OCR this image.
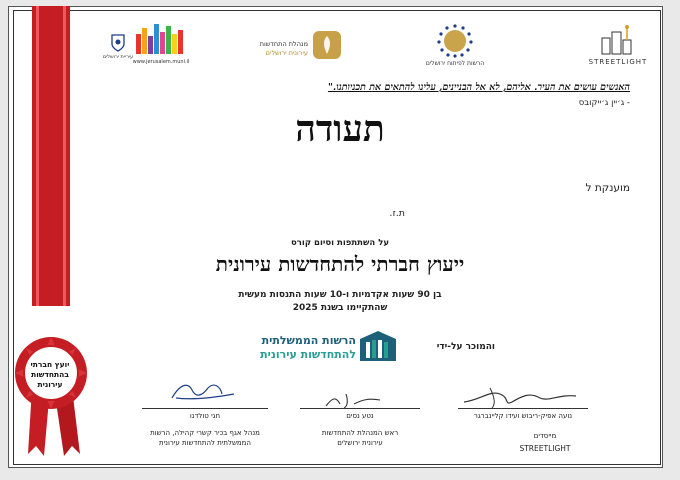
יועץ חברתי
בהתחדשות
עירונית
STREETLIGHT
הרשות לפיתוח ירושלים
מנהלת התחדשות
עירונית ירושלים
www.jerusalem.muni.il
עיריית ירושלים
האנשים עושים את העיר. אליהם, לא אל הבניינים, עלינו להתאים את תכניותנו."
- ג׳יין ג׳ייקובס
תעודה
מוענקת ל
ת.ז.
על השתתפות וסיום קורס
ייעוץ חברתי להתחדשות עירונית
בן 90 שעות אקדמיות ו-10 שעות התנסות מעשית
שהתקיימו בשנת 2025
והמוכר על-ידי
הרשות הממשלתית
להתחדשות עירונית
נועה אפיק-ריבוש ועידו קליינברגר
מייסדים
STREETLIGHT
נטע נסים
ראש המנהלת להתחדשות
עירונית ירושלים
חגי טולדנו
מנהל אגף בכיר קשרי קהילה, הרשות
הממשלתית להתחדשות עירונית
